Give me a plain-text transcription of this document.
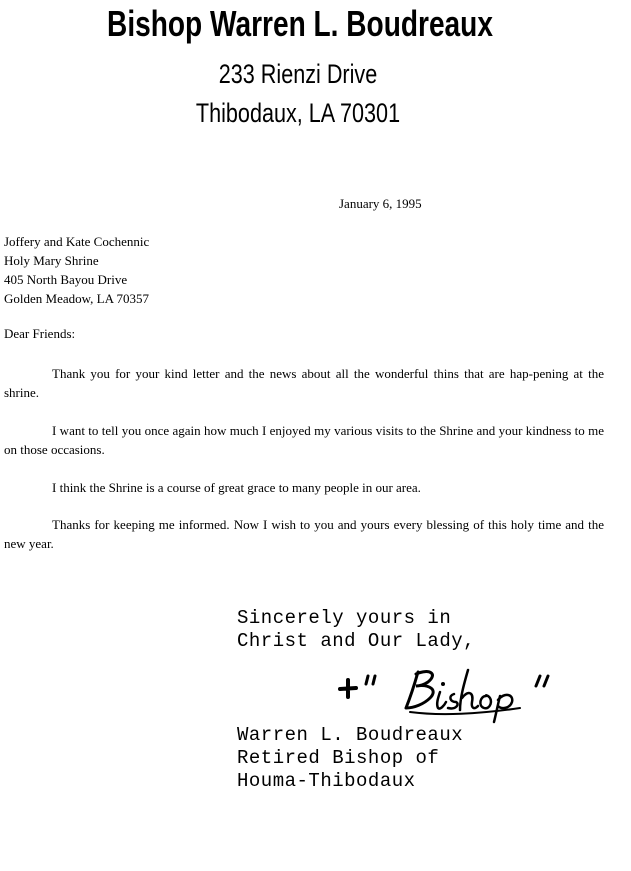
Bishop Warren L. Boudreaux
233 Rienzi Drive
Thibodaux, LA 70301
January 6, 1995
Joffery and Kate Cochennic
Holy Mary Shrine
405 North Bayou Drive
Golden Meadow, LA 70357
Dear Friends:
Thank you for your kind letter and the news about all the wonderful thins that are hap-pening at the shrine.
I want to tell you once again how much I enjoyed my various visits to the Shrine and your kindness to me on those occasions.
I think the Shrine is a course of great grace to many people in our area.
Thanks for keeping me informed. Now I wish to you and yours every blessing of this holy time and the new year.
Sincerely yours in
Christ and Our Lady,
Warren L. Boudreaux
Retired Bishop of
Houma-Thibodaux
